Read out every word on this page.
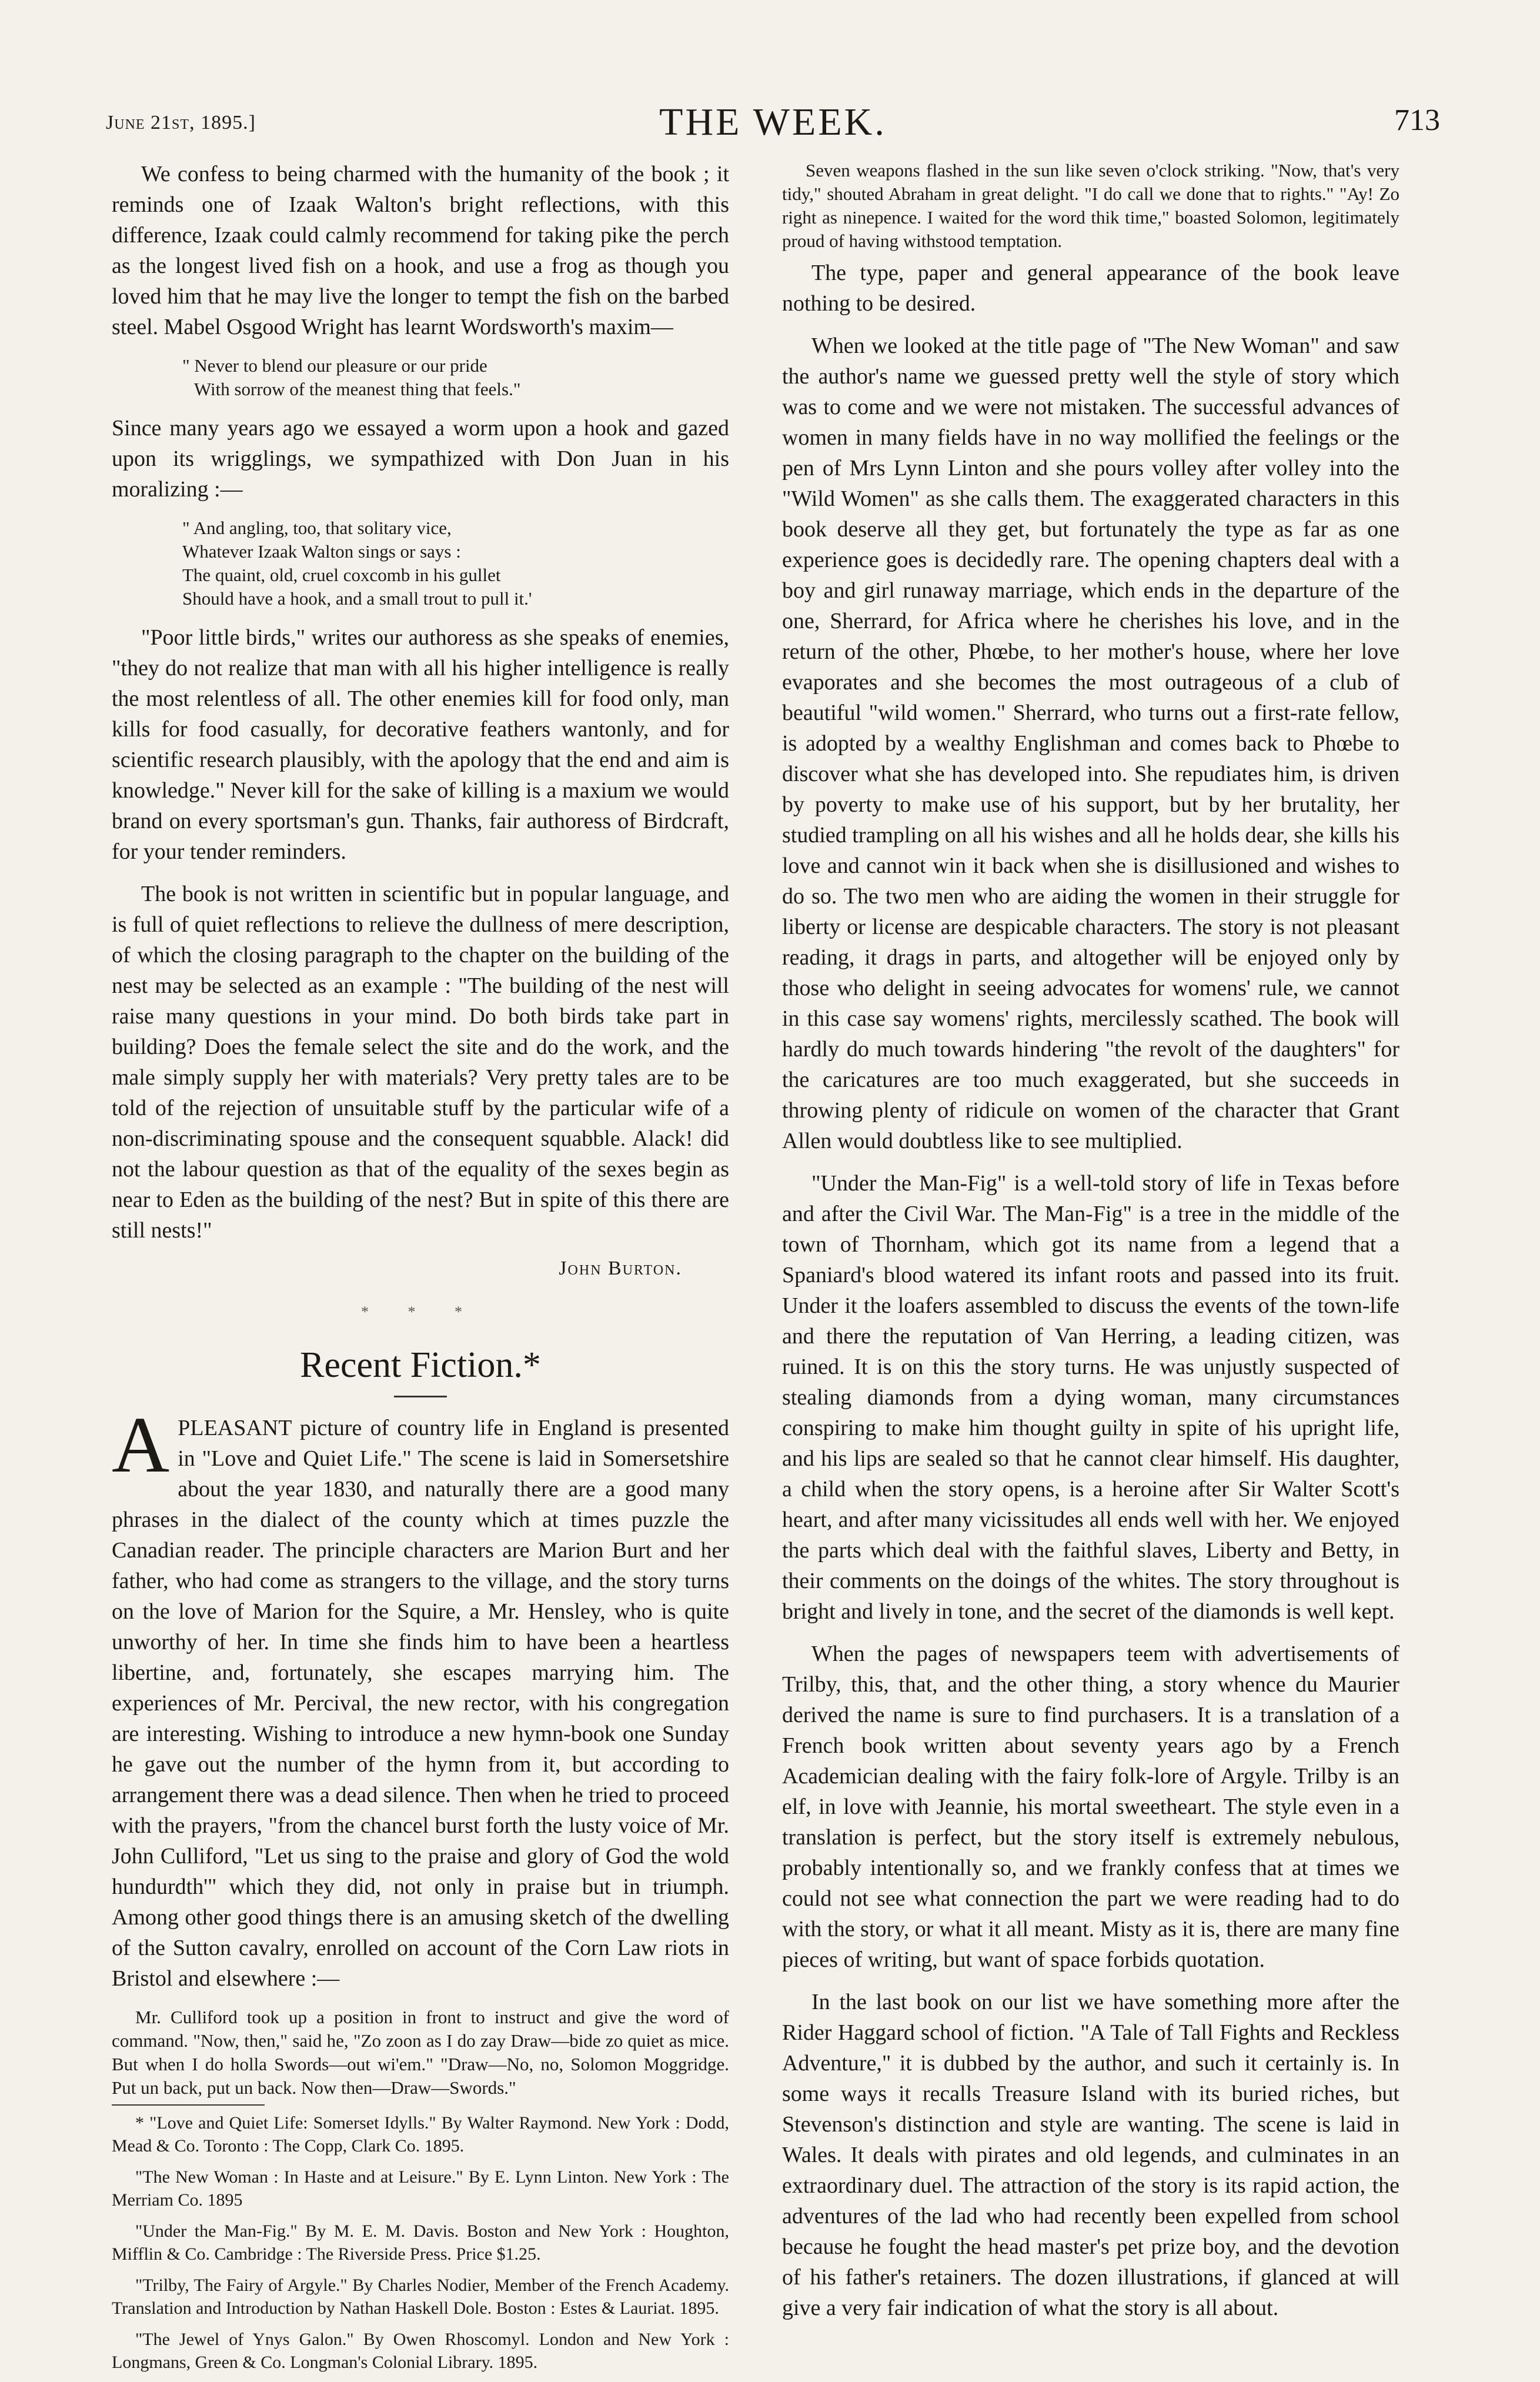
June 21st, 1895.]	THE WEEK.	713

We confess to being charmed with the humanity of the book ; it reminds one of Izaak Walton's bright reflections, with this difference, Izaak could calmly recommend for taking pike the perch as the longest lived fish on a hook, and use a frog as though you loved him that he may live the longer to tempt the fish on the barbed steel. Mabel Osgood Wright has learnt Wordsworth's maxim—

" Never to blend our pleasure or our pride
With sorrow of the meanest thing that feels."

Since many years ago we essayed a worm upon a hook and gazed upon its wrigglings, we sympathized with Don Juan in his moralizing :—

" And angling, too, that solitary vice,
Whatever Izaak Walton sings or says :
The quaint, old, cruel coxcomb in his gullet
Should have a hook, and a small trout to pull it.'

"Poor little birds," writes our authoress as she speaks of enemies, "they do not realize that man with all his higher intelligence is really the most relentless of all. The other enemies kill for food only, man kills for food casually, for decorative feathers wantonly, and for scientific research plausibly, with the apology that the end and aim is knowledge." Never kill for the sake of killing is a maxium we would brand on every sportsman's gun. Thanks, fair authoress of Birdcraft, for your tender reminders.

The book is not written in scientific but in popular language, and is full of quiet reflections to relieve the dullness of mere description, of which the closing paragraph to the chapter on the building of the nest may be selected as an example : "The building of the nest will raise many questions in your mind. Do both birds take part in building? Does the female select the site and do the work, and the male simply supply her with materials? Very pretty tales are to be told of the rejection of unsuitable stuff by the particular wife of a non-discriminating spouse and the consequent squabble. Alack! did not the labour question as that of the equality of the sexes begin as near to Eden as the building of the nest? But in spite of this there are still nests!"

John Burton.
* * *
Recent Fiction.*
A PLEASANT picture of country life in England is presented in "Love and Quiet Life." The scene is laid in Somersetshire about the year 1830, and naturally there are a good many phrases in the dialect of the county which at times puzzle the Canadian reader. The principle characters are Marion Burt and her father, who had come as strangers to the village, and the story turns on the love of Marion for the Squire, a Mr. Hensley, who is quite unworthy of her. In time she finds him to have been a heartless libertine, and, fortunately, she escapes marrying him. The experiences of Mr. Percival, the new rector, with his congregation are interesting. Wishing to introduce a new hymn-book one Sunday he gave out the number of the hymn from it, but according to arrangement there was a dead silence. Then when he tried to proceed with the prayers, "from the chancel burst forth the lusty voice of Mr. John Culliford, "Let us sing to the praise and glory of God the wold hundurdth'" which they did, not only in praise but in triumph. Among other good things there is an amusing sketch of the dwelling of the Sutton cavalry, enrolled on account of the Corn Law riots in Bristol and elsewhere :—

Mr. Culliford took up a position in front to instruct and give the word of command. "Now, then," said he, "Zo zoon as I do zay Draw—bide zo quiet as mice. But when I do holla Swords—out wi'em." "Draw—No, no, Solomon Moggridge. Put un back, put un back. Now then—Draw—Swords."
* "Love and Quiet Life: Somerset Idylls." By Walter Raymond. New York : Dodd, Mead & Co. Toronto : The Copp, Clark Co. 1895.
"The New Woman : In Haste and at Leisure." By E. Lynn Linton. New York : The Merriam Co. 1895
"Under the Man-Fig." By M. E. M. Davis. Boston and New York : Houghton, Mifflin & Co. Cambridge : The Riverside Press. Price $1.25.
"Trilby, The Fairy of Argyle." By Charles Nodier, Member of the French Academy. Translation and Introduction by Nathan Haskell Dole. Boston : Estes & Lauriat. 1895.
"The Jewel of Ynys Galon." By Owen Rhoscomyl. London and New York : Longmans, Green & Co. Longman's Colonial Library. 1895.
Seven weapons flashed in the sun like seven o'clock striking. "Now, that's very tidy," shouted Abraham in great delight. "I do call we done that to rights." "Ay! Zo right as ninepence. I waited for the word thik time," boasted Solomon, legitimately proud of having withstood temptation.

The type, paper and general appearance of the book leave nothing to be desired.

When we looked at the title page of "The New Woman" and saw the author's name we guessed pretty well the style of story which was to come and we were not mistaken. The successful advances of women in many fields have in no way mollified the feelings or the pen of Mrs Lynn Linton and she pours volley after volley into the "Wild Women" as she calls them. The exaggerated characters in this book deserve all they get, but fortunately the type as far as one experience goes is decidedly rare. The opening chapters deal with a boy and girl runaway marriage, which ends in the departure of the one, Sherrard, for Africa where he cherishes his love, and in the return of the other, Phœbe, to her mother's house, where her love evaporates and she becomes the most outrageous of a club of beautiful "wild women." Sherrard, who turns out a first-rate fellow, is adopted by a wealthy Englishman and comes back to Phœbe to discover what she has developed into. She repudiates him, is driven by poverty to make use of his support, but by her brutality, her studied trampling on all his wishes and all he holds dear, she kills his love and cannot win it back when she is disillusioned and wishes to do so. The two men who are aiding the women in their struggle for liberty or license are despicable characters. The story is not pleasant reading, it drags in parts, and altogether will be enjoyed only by those who delight in seeing advocates for womens' rule, we cannot in this case say womens' rights, mercilessly scathed. The book will hardly do much towards hindering "the revolt of the daughters" for the caricatures are too much exaggerated, but she succeeds in throwing plenty of ridicule on women of the character that Grant Allen would doubtless like to see multiplied.

"Under the Man-Fig" is a well-told story of life in Texas before and after the Civil War. The Man-Fig" is a tree in the middle of the town of Thornham, which got its name from a legend that a Spaniard's blood watered its infant roots and passed into its fruit. Under it the loafers assembled to discuss the events of the town-life and there the reputation of Van Herring, a leading citizen, was ruined. It is on this the story turns. He was unjustly suspected of stealing diamonds from a dying woman, many circumstances conspiring to make him thought guilty in spite of his upright life, and his lips are sealed so that he cannot clear himself. His daughter, a child when the story opens, is a heroine after Sir Walter Scott's heart, and after many vicissitudes all ends well with her. We enjoyed the parts which deal with the faithful slaves, Liberty and Betty, in their comments on the doings of the whites. The story throughout is bright and lively in tone, and the secret of the diamonds is well kept.

When the pages of newspapers teem with advertisements of Trilby, this, that, and the other thing, a story whence du Maurier derived the name is sure to find purchasers. It is a translation of a French book written about seventy years ago by a French Academician dealing with the fairy folk-lore of Argyle. Trilby is an elf, in love with Jeannie, his mortal sweetheart. The style even in a translation is perfect, but the story itself is extremely nebulous, probably intentionally so, and we frankly confess that at times we could not see what connection the part we were reading had to do with the story, or what it all meant. Misty as it is, there are many fine pieces of writing, but want of space forbids quotation.

In the last book on our list we have something more after the Rider Haggard school of fiction. "A Tale of Tall Fights and Reckless Adventure," it is dubbed by the author, and such it certainly is. In some ways it recalls Treasure Island with its buried riches, but Stevenson's distinction and style are wanting. The scene is laid in Wales. It deals with pirates and old legends, and culminates in an extraordinary duel. The attraction of the story is its rapid action, the adventures of the lad who had recently been expelled from school because he fought the head master's pet prize boy, and the devotion of his father's retainers. The dozen illustrations, if glanced at will give a very fair indication of what the story is all about.
